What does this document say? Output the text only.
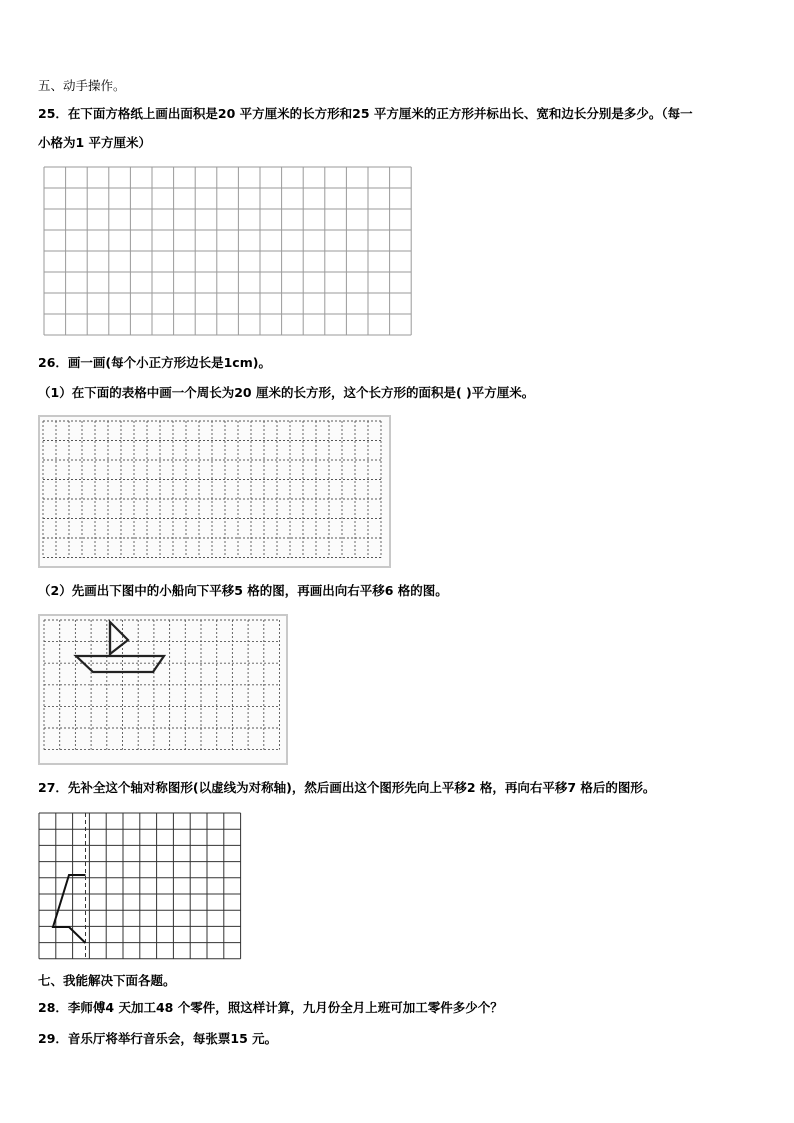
五、动手操作。
25．在下面方格纸上画出面积是20 平方厘米的长方形和25 平方厘米的正方形并标出长、宽和边长分别是多少。（每一
小格为1 平方厘米）
26．画一画(每个小正方形边长是1cm)。
（1）在下面的表格中画一个周长为20 厘米的长方形，这个长方形的面积是( )平方厘米。
（2）先画出下图中的小船向下平移5 格的图，再画出向右平移6 格的图。
27．先补全这个轴对称图形(以虚线为对称轴)，然后画出这个图形先向上平移2 格，再向右平移7 格后的图形。
七、我能解决下面各题。
28．李师傅4 天加工48 个零件，照这样计算，九月份全月上班可加工零件多少个？
29．音乐厅将举行音乐会，每张票15 元。
